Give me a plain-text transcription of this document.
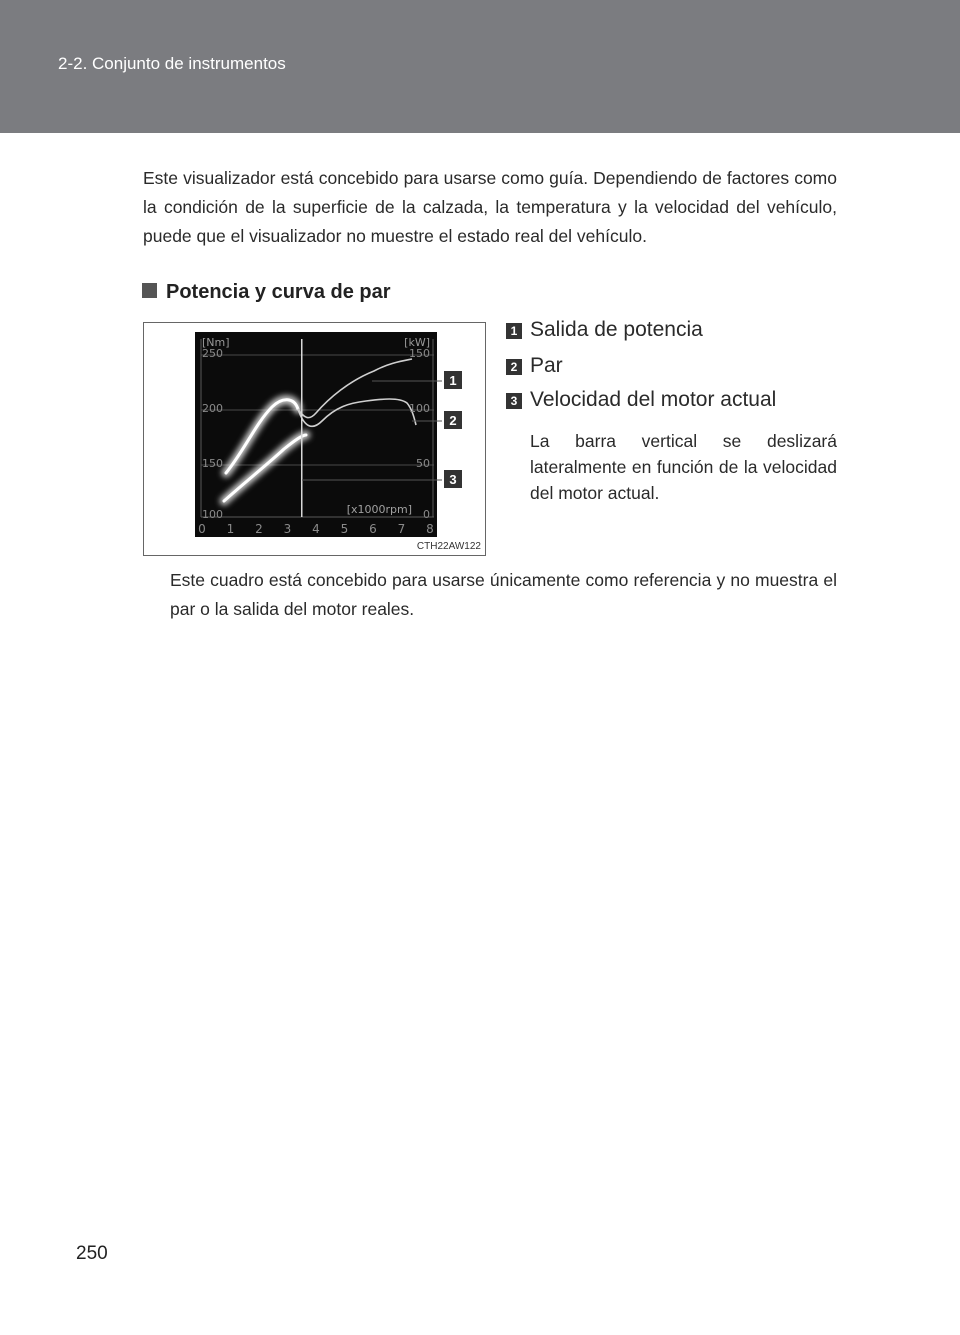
2-2. Conjunto de instrumentos

Este visualizador está concebido para usarse como guía. Dependiendo de factores como la condición de la superficie de la calzada, la temperatura y la velocidad del vehículo, puede que el visualizador no muestre el estado real del vehículo.

Potencia y curva de par
[Nm]	[kW]
250
200
150
100
150
100
50
0
0 1 2 3 4 5 6 7 8
[x1000rpm]
1
2
3
CTH22AW122
1 Salida de potencia
2 Par
3 Velocidad del motor actual

La barra vertical se deslizará lateralmente en función de la velocidad del motor actual.

Este cuadro está concebido para usarse únicamente como referencia y no muestra el par o la salida del motor reales.

250
